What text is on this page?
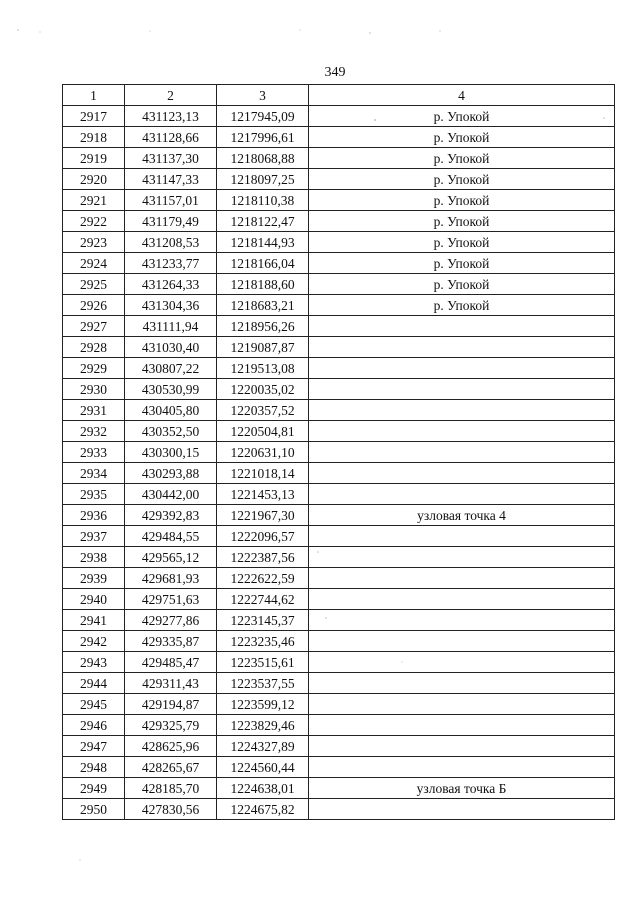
349
1	2	3	4
2917	431123,13	1217945,09	р. Упокой
2918	431128,66	1217996,61	р. Упокой
2919	431137,30	1218068,88	р. Упокой
2920	431147,33	1218097,25	р. Упокой
2921	431157,01	1218110,38	р. Упокой
2922	431179,49	1218122,47	р. Упокой
2923	431208,53	1218144,93	р. Упокой
2924	431233,77	1218166,04	р. Упокой
2925	431264,33	1218188,60	р. Упокой
2926	431304,36	1218683,21	р. Упокой
2927	431111,94	1218956,26	
2928	431030,40	1219087,87	
2929	430807,22	1219513,08	
2930	430530,99	1220035,02	
2931	430405,80	1220357,52	
2932	430352,50	1220504,81	
2933	430300,15	1220631,10	
2934	430293,88	1221018,14	
2935	430442,00	1221453,13	
2936	429392,83	1221967,30	узловая точка 4
2937	429484,55	1222096,57	
2938	429565,12	1222387,56	
2939	429681,93	1222622,59	
2940	429751,63	1222744,62	
2941	429277,86	1223145,37	
2942	429335,87	1223235,46	
2943	429485,47	1223515,61	
2944	429311,43	1223537,55	
2945	429194,87	1223599,12	
2946	429325,79	1223829,46	
2947	428625,96	1224327,89	
2948	428265,67	1224560,44	
2949	428185,70	1224638,01	узловая точка Б
2950	427830,56	1224675,82	
